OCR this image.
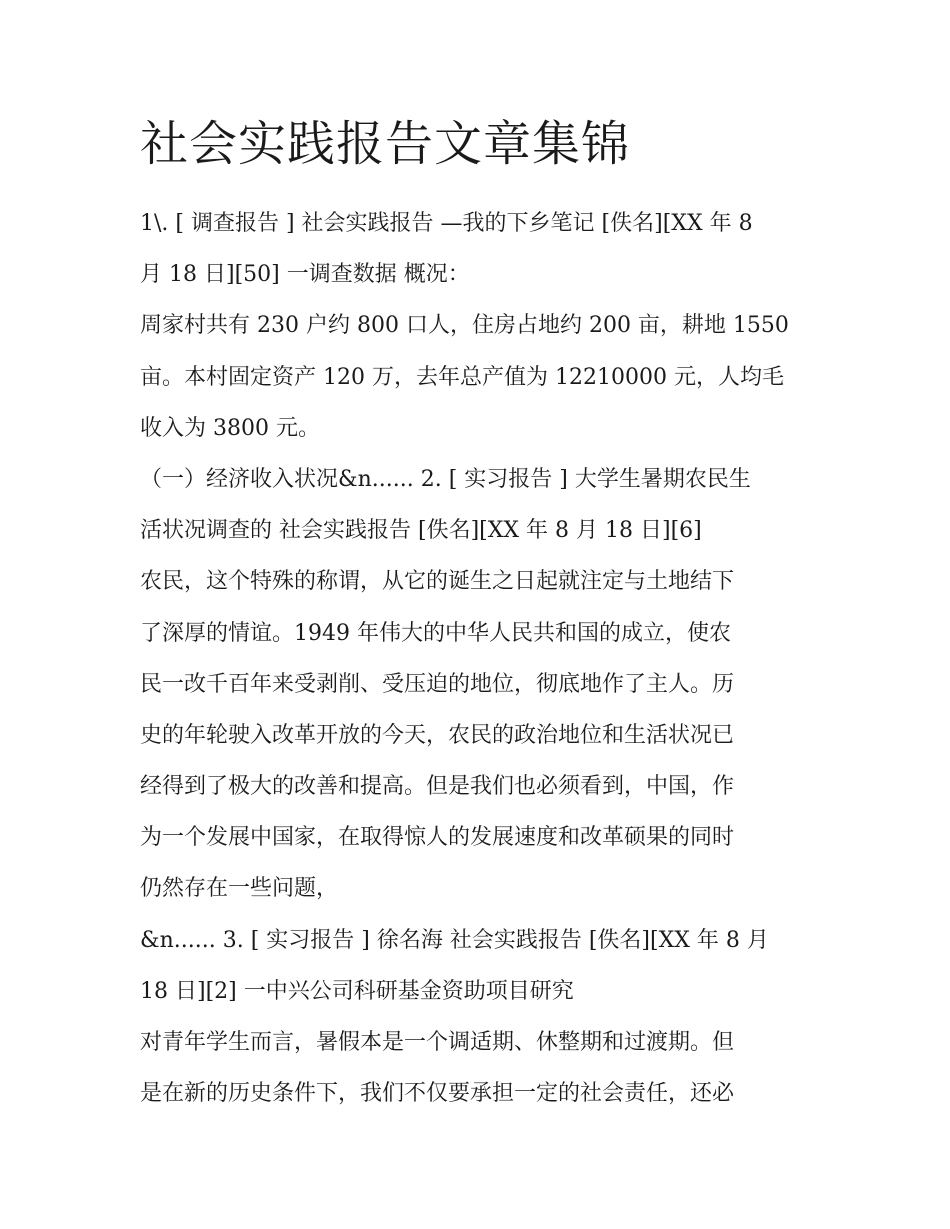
社会实践报告文章集锦
1\. [ 调查报告 ] 社会实践报告 —我的下乡笔记 [佚名][XX 年 8
月 18 日][50] 一调查数据 概况：
周家村共有 230 户约 800 口人，住房占地约 200 亩，耕地 1550
亩。本村固定资产 120 万，去年总产值为 12210000 元，人均毛
收入为 3800 元。
（一）经济收入状况&n...... 2. [ 实习报告 ] 大学生暑期农民生
活状况调查的 社会实践报告 [佚名][XX 年 8 月 18 日][6]
农民，这个特殊的称谓，从它的诞生之日起就注定与土地结下
了深厚的情谊。1949 年伟大的中华人民共和国的成立，使农
民一改千百年来受剥削、受压迫的地位，彻底地作了主人。历
史的年轮驶入改革开放的今天，农民的政治地位和生活状况已
经得到了极大的改善和提高。但是我们也必须看到，中国，作
为一个发展中国家，在取得惊人的发展速度和改革硕果的同时
仍然存在一些问题，
&n...... 3. [ 实习报告 ] 徐名海 社会实践报告 [佚名][XX 年 8 月
18 日][2] 一中兴公司科研基金资助项目研究
对青年学生而言，暑假本是一个调适期、休整期和过渡期。但
是在新的历史条件下，我们不仅要承担一定的社会责任，还必
